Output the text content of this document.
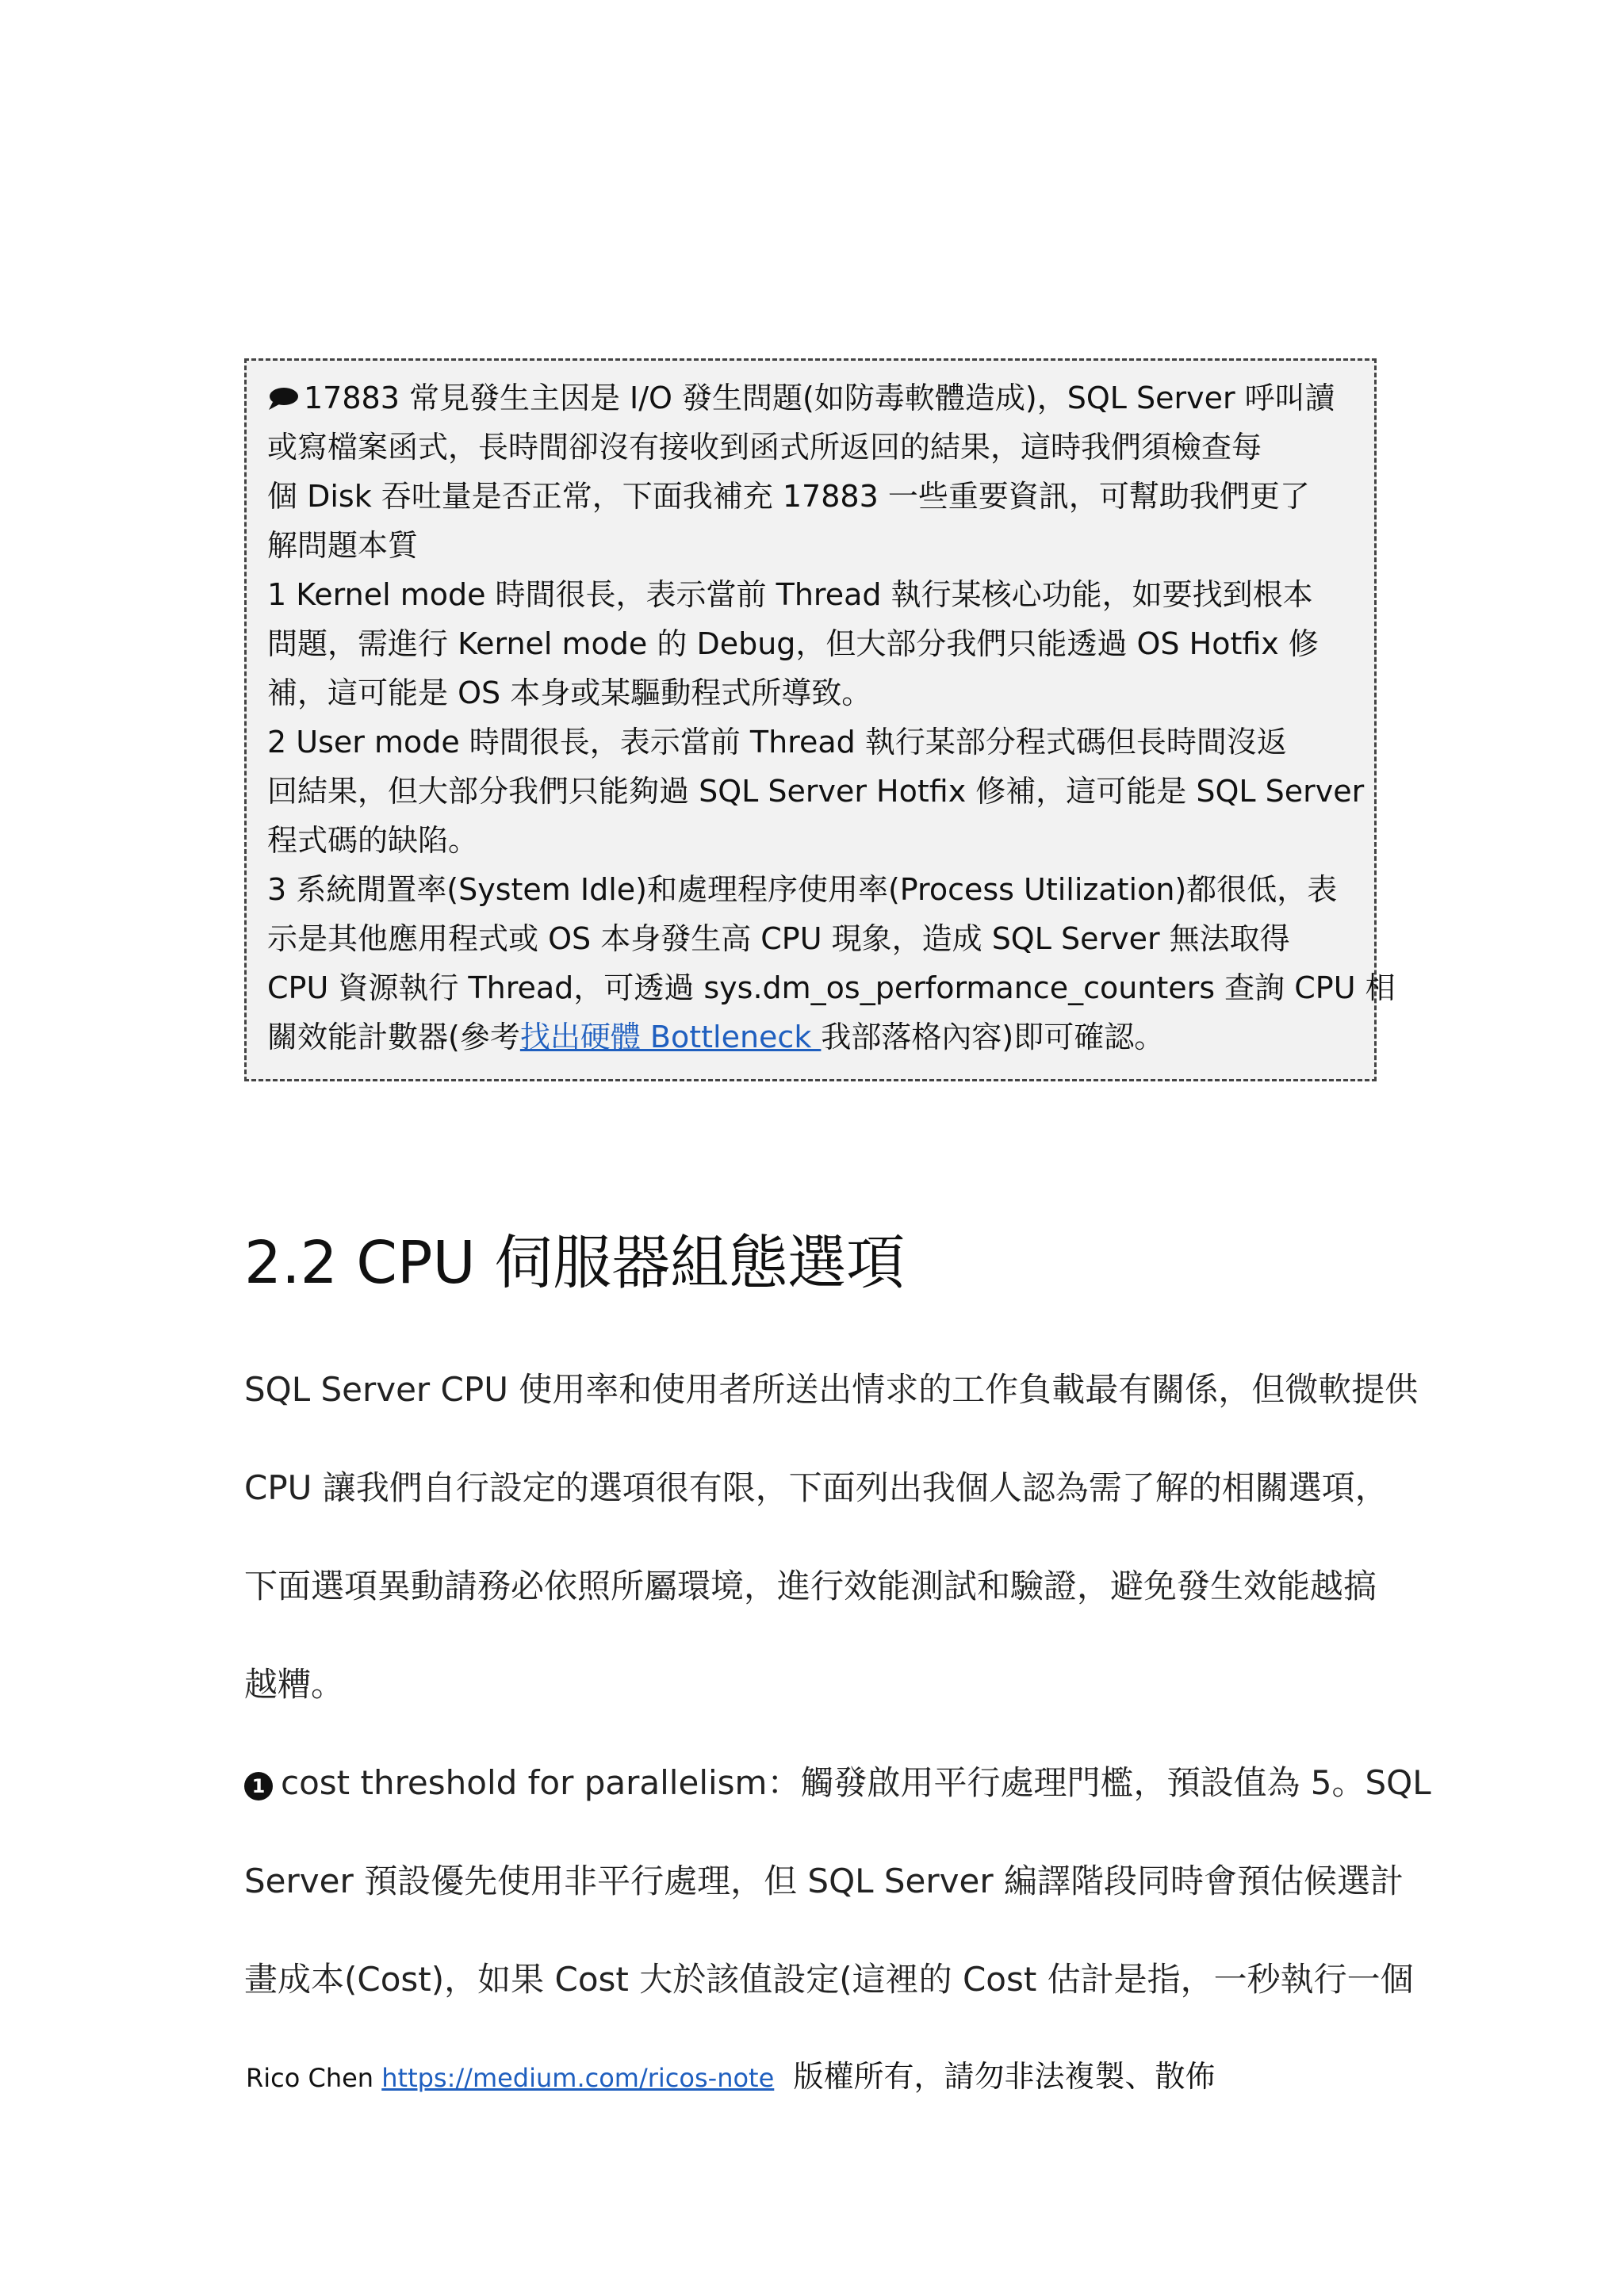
17883 常見發生主因是 I/O 發生問題(如防毒軟體造成)，SQL Server 呼叫讀
或寫檔案函式，長時間卻沒有接收到函式所返回的結果，這時我們須檢查每
個 Disk 吞吐量是否正常，下面我補充 17883 一些重要資訊，可幫助我們更了
解問題本質
1 Kernel mode 時間很長，表示當前 Thread 執行某核心功能，如要找到根本
問題，需進行 Kernel mode 的 Debug，但大部分我們只能透過 OS Hotfix 修
補，這可能是 OS 本身或某驅動程式所導致。
2 User mode 時間很長，表示當前 Thread 執行某部分程式碼但長時間沒返
回結果，但大部分我們只能夠過 SQL Server Hotfix 修補，這可能是 SQL Server
程式碼的缺陷。
3 系統閒置率(System Idle)和處理程序使用率(Process Utilization)都很低，表
示是其他應用程式或 OS 本身發生高 CPU 現象，造成 SQL Server 無法取得
CPU 資源執行 Thread，可透過 sys.dm_os_performance_counters 查詢 CPU 相
關效能計數器(參考找出硬體 Bottleneck 我部落格內容)即可確認。
2.2 CPU 伺服器組態選項
SQL Server CPU 使用率和使用者所送出情求的工作負載最有關係，但微軟提供
CPU 讓我們自行設定的選項很有限，下面列出我個人認為需了解的相關選項，
下面選項異動請務必依照所屬環境，進行效能測試和驗證，避免發生效能越搞
越糟。
1 cost threshold for parallelism：觸發啟用平行處理門檻，預設值為 5。SQL
Server 預設優先使用非平行處理，但 SQL Server 編譯階段同時會預估候選計
畫成本(Cost)，如果 Cost 大於該值設定(這裡的 Cost 估計是指，一秒執行一個
Rico Chen https://medium.com/ricos-note 版權所有，請勿非法複製、散佈
